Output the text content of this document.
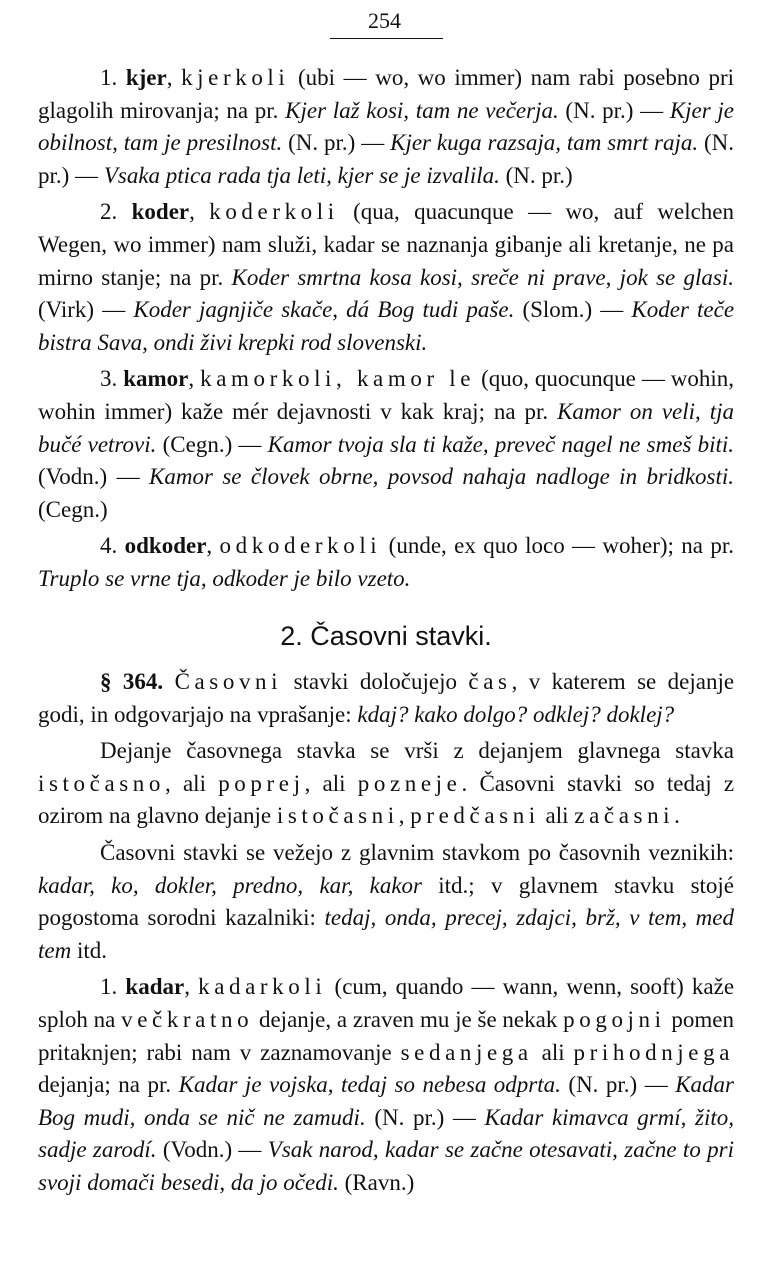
254

1. kjer, kjerkoli (ubi — wo, wo immer) nam rabi posebno pri glagolih mirovanja; na pr. Kjer laž kosi, tam ne večerja. (N. pr.) — Kjer je obilnost, tam je presilnost. (N. pr.) — Kjer kuga razsaja, tam smrt raja. (N. pr.) — Vsaka ptica rada tja leti, kjer se je izvalila. (N. pr.)

2. koder, koderkoli (qua, quacunque — wo, auf welchen Wegen, wo immer) nam služi, kadar se naznanja gibanje ali kretanje, ne pa mirno stanje; na pr. Koder smrtna kosa kosi, sreče ni prave, jok se glasi. (Virk) — Koder jagnjiče skače, dá Bog tudi paše. (Slom.) — Koder teče bistra Sava, ondi živi krepki rod slovenski.

3. kamor, kamorkoli, kamor le (quo, quocunque — wohin, wohin immer) kaže mér dejavnosti v kak kraj; na pr. Kamor on veli, tja bučé vetrovi. (Cegn.) — Kamor tvoja sla ti kaže, preveč nagel ne smeš biti. (Vodn.) — Kamor se človek obrne, povsod nahaja nadloge in bridkosti. (Cegn.)

4. odkoder, odkoderkoli (unde, ex quo loco — woher); na pr. Truplo se vrne tja, odkoder je bilo vzeto.

2. Časovni stavki.

§ 364. Časovni stavki določujejo čas, v katerem se dejanje godi, in odgovarjajo na vprašanje: kdaj? kako dolgo? odklej? doklej?

Dejanje časovnega stavka se vrši z dejanjem glavnega stavka istočasno, ali poprej, ali pozneje. Časovni stavki so tedaj z ozirom na glavno dejanje istočasni, predčasni ali začasni.

Časovni stavki se vežejo z glavnim stavkom po časovnih veznikih: kadar, ko, dokler, predno, kar, kakor itd.; v glavnem stavku stojé pogostoma sorodni kazalniki: tedaj, onda, precej, zdajci, brž, v tem, med tem itd.

1. kadar, kadarkoli (cum, quando — wann, wenn, sooft) kaže sploh na večkratno dejanje, a zraven mu je še nekak pogojni pomen pritaknjen; rabi nam v zaznamovanje sedanjega ali prihodnjega dejanja; na pr. Kadar je vojska, tedaj so nebesa odprta. (N. pr.) — Kadar Bog mudi, onda se nič ne zamudi. (N. pr.) — Kadar kimavca grmí, žito, sadje zarodí. (Vodn.) — Vsak narod, kadar se začne otesavati, začne to pri svoji domači besedi, da jo očedi. (Ravn.)
